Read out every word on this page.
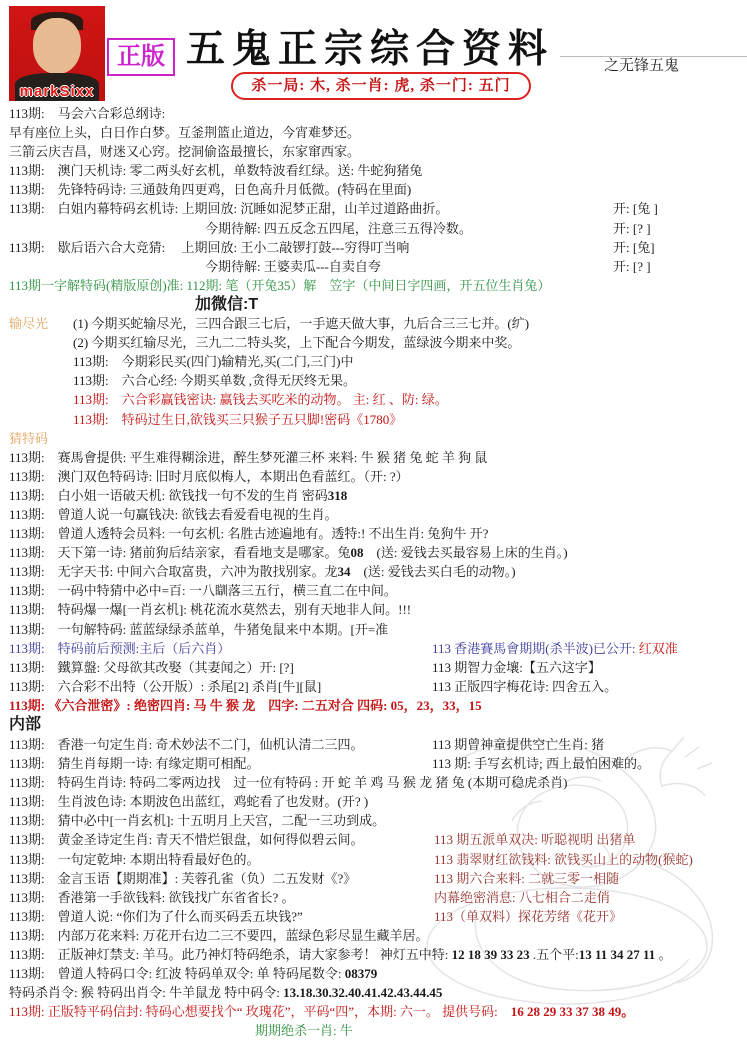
markSixx
正版 五鬼正宗综合资料	之无锋五鬼
杀一局: 木, 杀一肖: 虎, 杀一门: 五门
113期:　马会六合彩总纲诗:
早有座位上头，白日作白梦。互釜荆篮止道边，今宵难梦还。
三箭云庆吉昌，财迷又心窍。挖洞偷盗最擅长，东家窜西家。
113期:　澳门天机诗: 零二两头好玄机，单数特波看红绿。送: 牛蛇狗猪兔
113期:　先锋特码诗: 三通鼓角四更鸡，日色高升月低微。(特码在里面)
113期:　白姐内幕特码玄机诗: 上期回放: 沉睡如泥梦正甜，山羊过道路曲折。	开: [兔 ]
今期待解: 四五反念五四尾，注意三五得冷数。	开: [? ]
113期:　歇后语六合大竞猜:　 上期回放: 王小二敲锣打鼓---穷得叮当响	开: [兔]
今期待解: 王婆卖瓜---自卖自夸	开: [? ]
113期一字解特码(精版原创)准: 112期: 笔（开兔35）解　笠字（中间日字四画，开五位生肖兔）
加微信:T
输尽光 (1) 今期买蛇输尽光，三四合跟三七后，一手遮天做大事，九后合三三七并。(纩)
(2) 今期买红输尽光，三九二二特头奖，上下配合今期发，蓝绿波今期来中奖。
113期:　今期彩民买(四门)输精光,买(二门,三门)中
113期:　六合心经: 今期买单数 ,贪得无厌终无果。
113期:　六合彩赢钱密诀: 赢钱去买吃米的动物。 主: 红 、防: 绿。
113期:　特码过生日,欲钱买三只猴子五只脚!密码《1780》
猜特码
113期:　赛馬會提供: 平生难得糊涂进，醉生梦死灌三杯 来料: 牛 猴 猪 兔 蛇 羊 狗 鼠
113期:　澳门双色特码诗: 旧时月底似梅人，本期出色看蓝红。（开: ?）
113期:　白小姐一语破天机: 欲钱找一句不发的生肖 密码318
113期:　曾道人说一句赢钱决: 欲钱去看爱看电视的生肖。
113期:　曾道人透特会员料: 一句玄机: 名胜古迹遍地有。透特:! 不出生肖: 兔狗牛 开?
113期:　天下第一诗: 猪前狗后结亲家，看看地支是哪家。兔08　(送: 爱钱去买最容易上床的生肖。)
113期:　无字天书: 中间六合取富贵，六冲为散找别家。龙34　(送: 爱钱去买白毛的动物。)
113期:　一码中特猜中必中=百: 一八瞓落三五行，横三直二在中间。
113期:　特码爆一爆[一肖玄机]: 桃花流水莫然去，别有天地非人间。!!!
113期:　一句解特码: 蓝蓝绿绿杀蓝单，牛猪兔鼠来中本期。[开=准
113期:　特码前后预测:主后（后六肖）	113 香港賽馬會期期(杀半波)已公开: 红双准
113期:　鐵算盤: 父母欲其改娶（其妻闻之）开: [?]	113 期智力金壤:【五六这字】
113期:　六合彩不出特（公开版）: 杀尾[2] 杀肖[牛][鼠]	113 正版四字梅花诗: 四舍五入。
113期: 《六合泄密》: 绝密四肖: 马 牛 猴 龙　四字: 二五对合 四码: 05，23，33，15
内部
113期:　香港一句定生肖: 奇术妙法不二门，仙机认清二三四。	113 期曾神童提供空亡生肖: 猪
113期:　猜生肖每期一诗: 有缘定期可相配。	113 期: 手写玄机诗; 西上最怕困难的。
113期:　特码生肖诗: 特码二零两边找　过一位有特码 : 开 蛇 羊 鸡 马 猴 龙 猪 兔 (本期可稳虎杀肖)
113期:　生肖波色诗: 本期波色出蓝红，鸡蛇看了也发财。(开? )
113期:　猜中必中[一肖玄机]: 十五明月上天宫，二配一三功到成。
113期:　黄金圣诗定生肖: 青天不惜烂银盘，如何得似碧云间。	113 期五派单双决: 听聪视明 出猪单
113期:　一句定乾坤: 本期出特看最好色的。	113 翡翠财红欲钱料: 欲钱买山上的动物(猴蛇)
113期:　金言玉语【期期准】: 芙蓉孔雀（负）二五发财《?》	113 期六合来料: 二就三零一相随
113期:　香港第一手欲钱料: 欲钱找广东省省长? 。	内幕绝密消息: 八七相合二走俏
113期:　曾道人说: “你们为了什么而买码丢五块钱?”	113（单双料）探花芳绪《花开》
113期:　内部万花来料: 万花开右边二三不要四，蓝绿色彩尽显生藏羊居。
113期:　正版神灯禁支: 羊马。此乃神灯特码绝杀，请大家参考！ 神灯五中特: 12 18 39 33 23 .五个平:13 11 34 27 11 。
113期:　曾道人特码口令: 红波 特码单双令: 单 特码尾数令: 08379
特码杀肖令: 猴 特码出肖令: 牛羊鼠龙 特中码令: 13.18.30.32.40.41.42.43.44.45
113期: 正版特平码信封: 特码心想要找个“ 玫瑰花”，平码“四”，本期: 六一。 提供号码:　16 28 29 33 37 38 49。
期期绝杀一肖: 牛
